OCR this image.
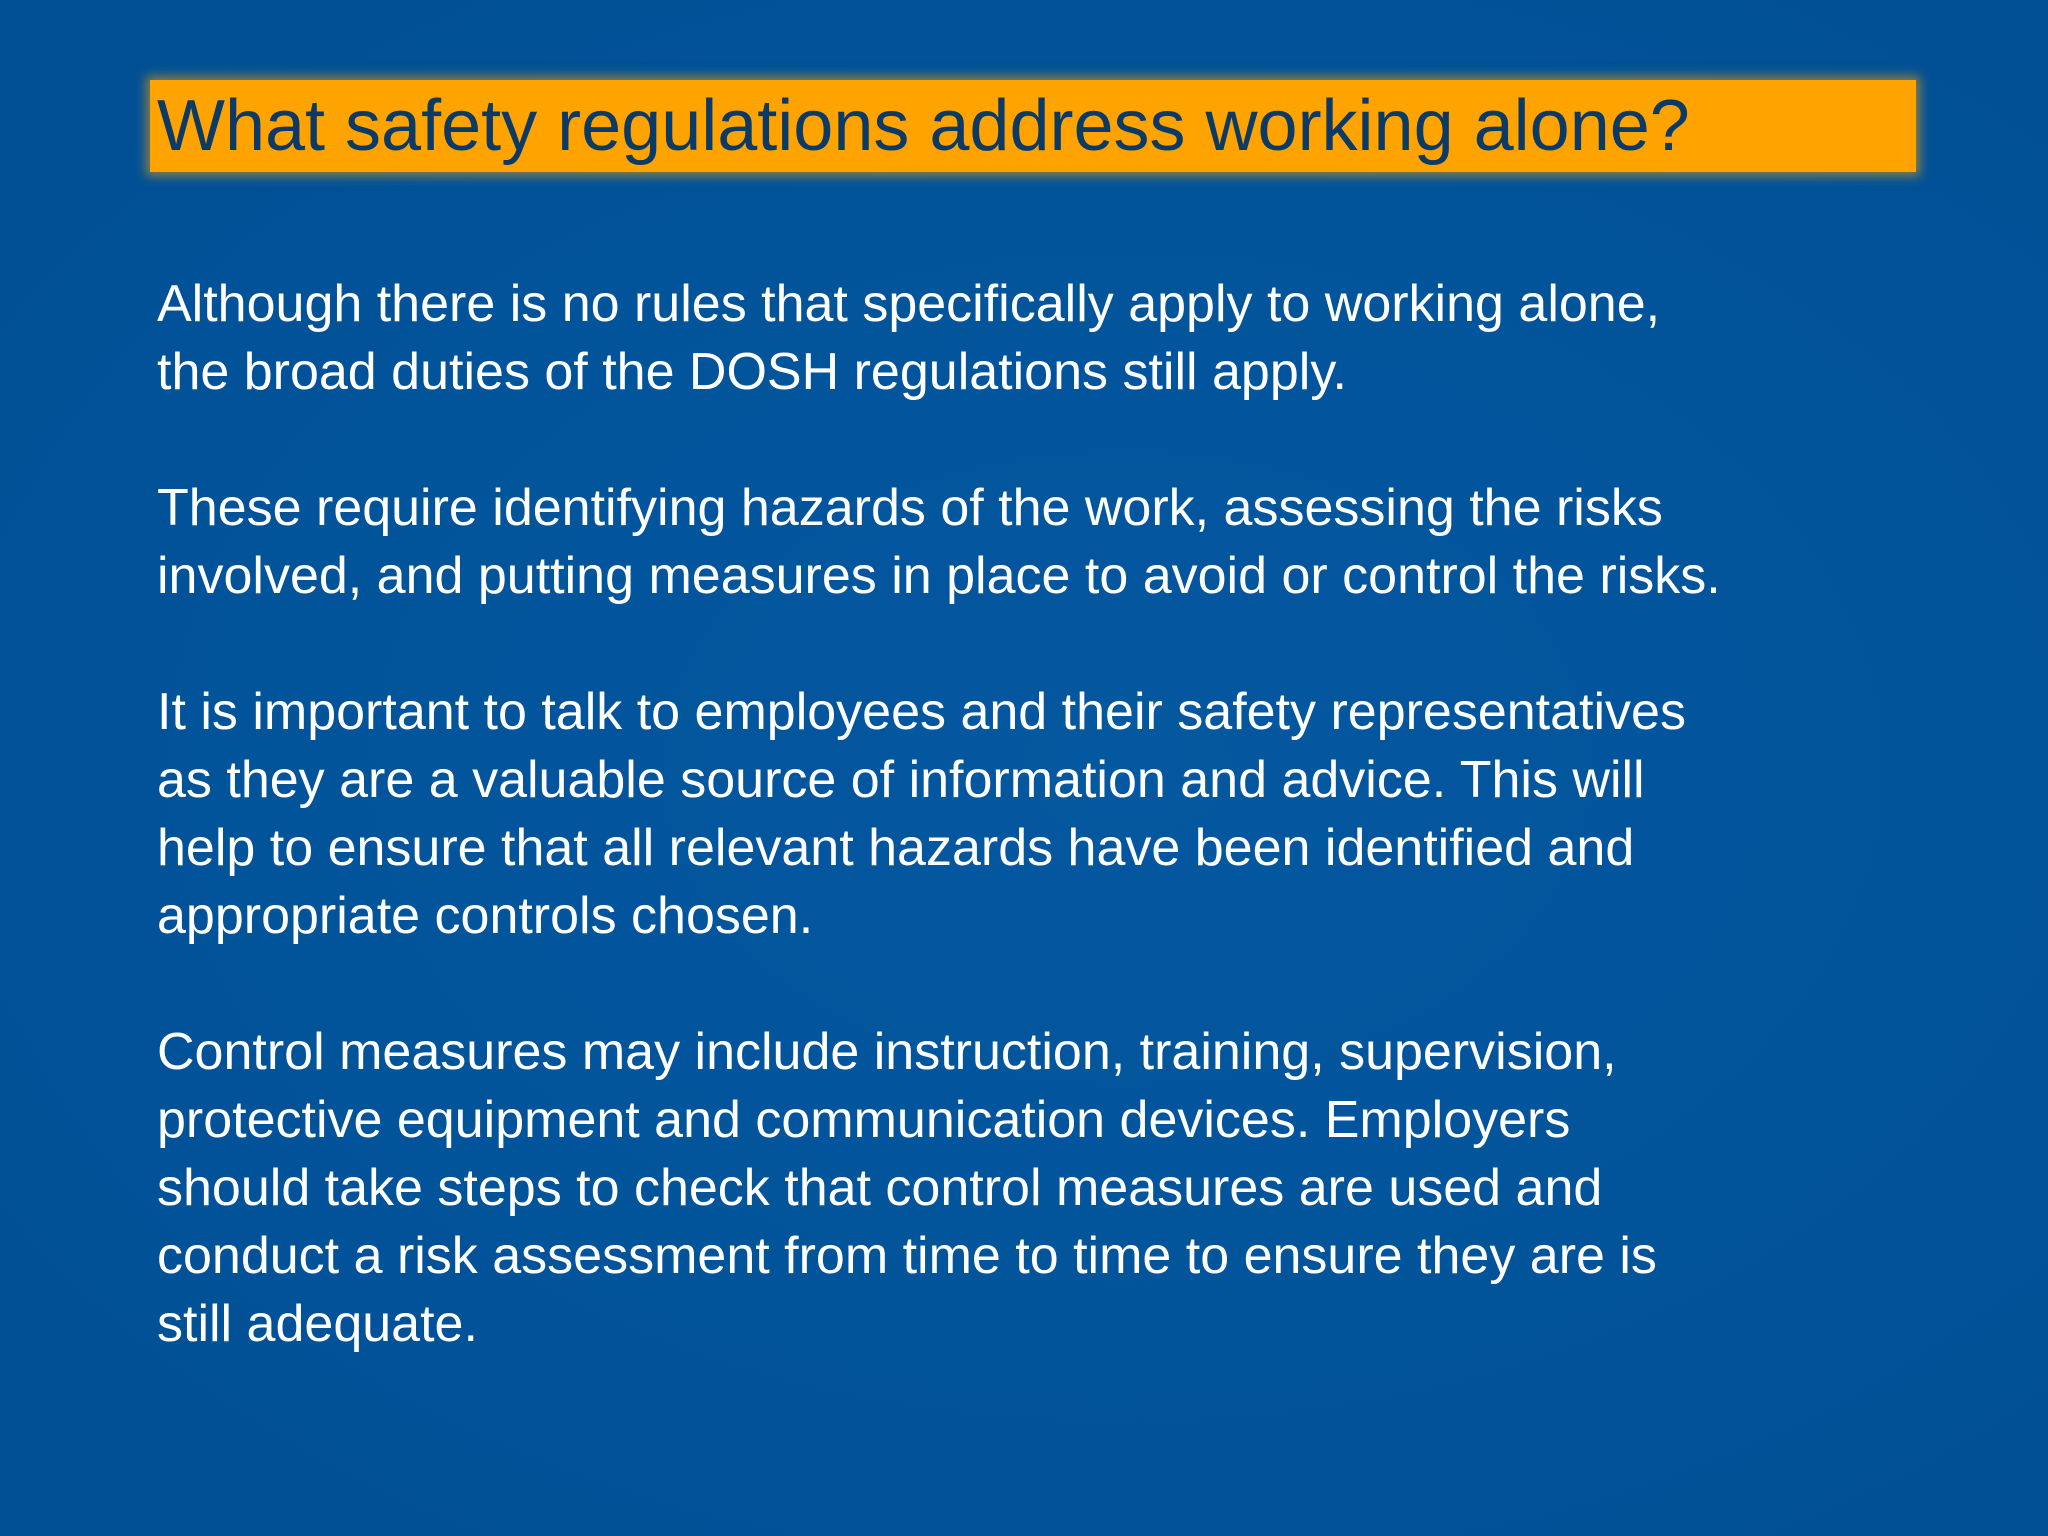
What safety regulations address working alone?

Although there is no rules that specifically apply to working alone,
the broad duties of the DOSH regulations still apply.

These require identifying hazards of the work, assessing the risks
involved, and putting measures in place to avoid or control the risks.

It is important to talk to employees and their safety representatives
as they are a valuable source of information and advice. This will
help to ensure that all relevant hazards have been identified and
appropriate controls chosen.

Control measures may include instruction, training, supervision,
protective equipment and communication devices. Employers
should take steps to check that control measures are used and
conduct a risk assessment from time to time to ensure they are is
still adequate.
